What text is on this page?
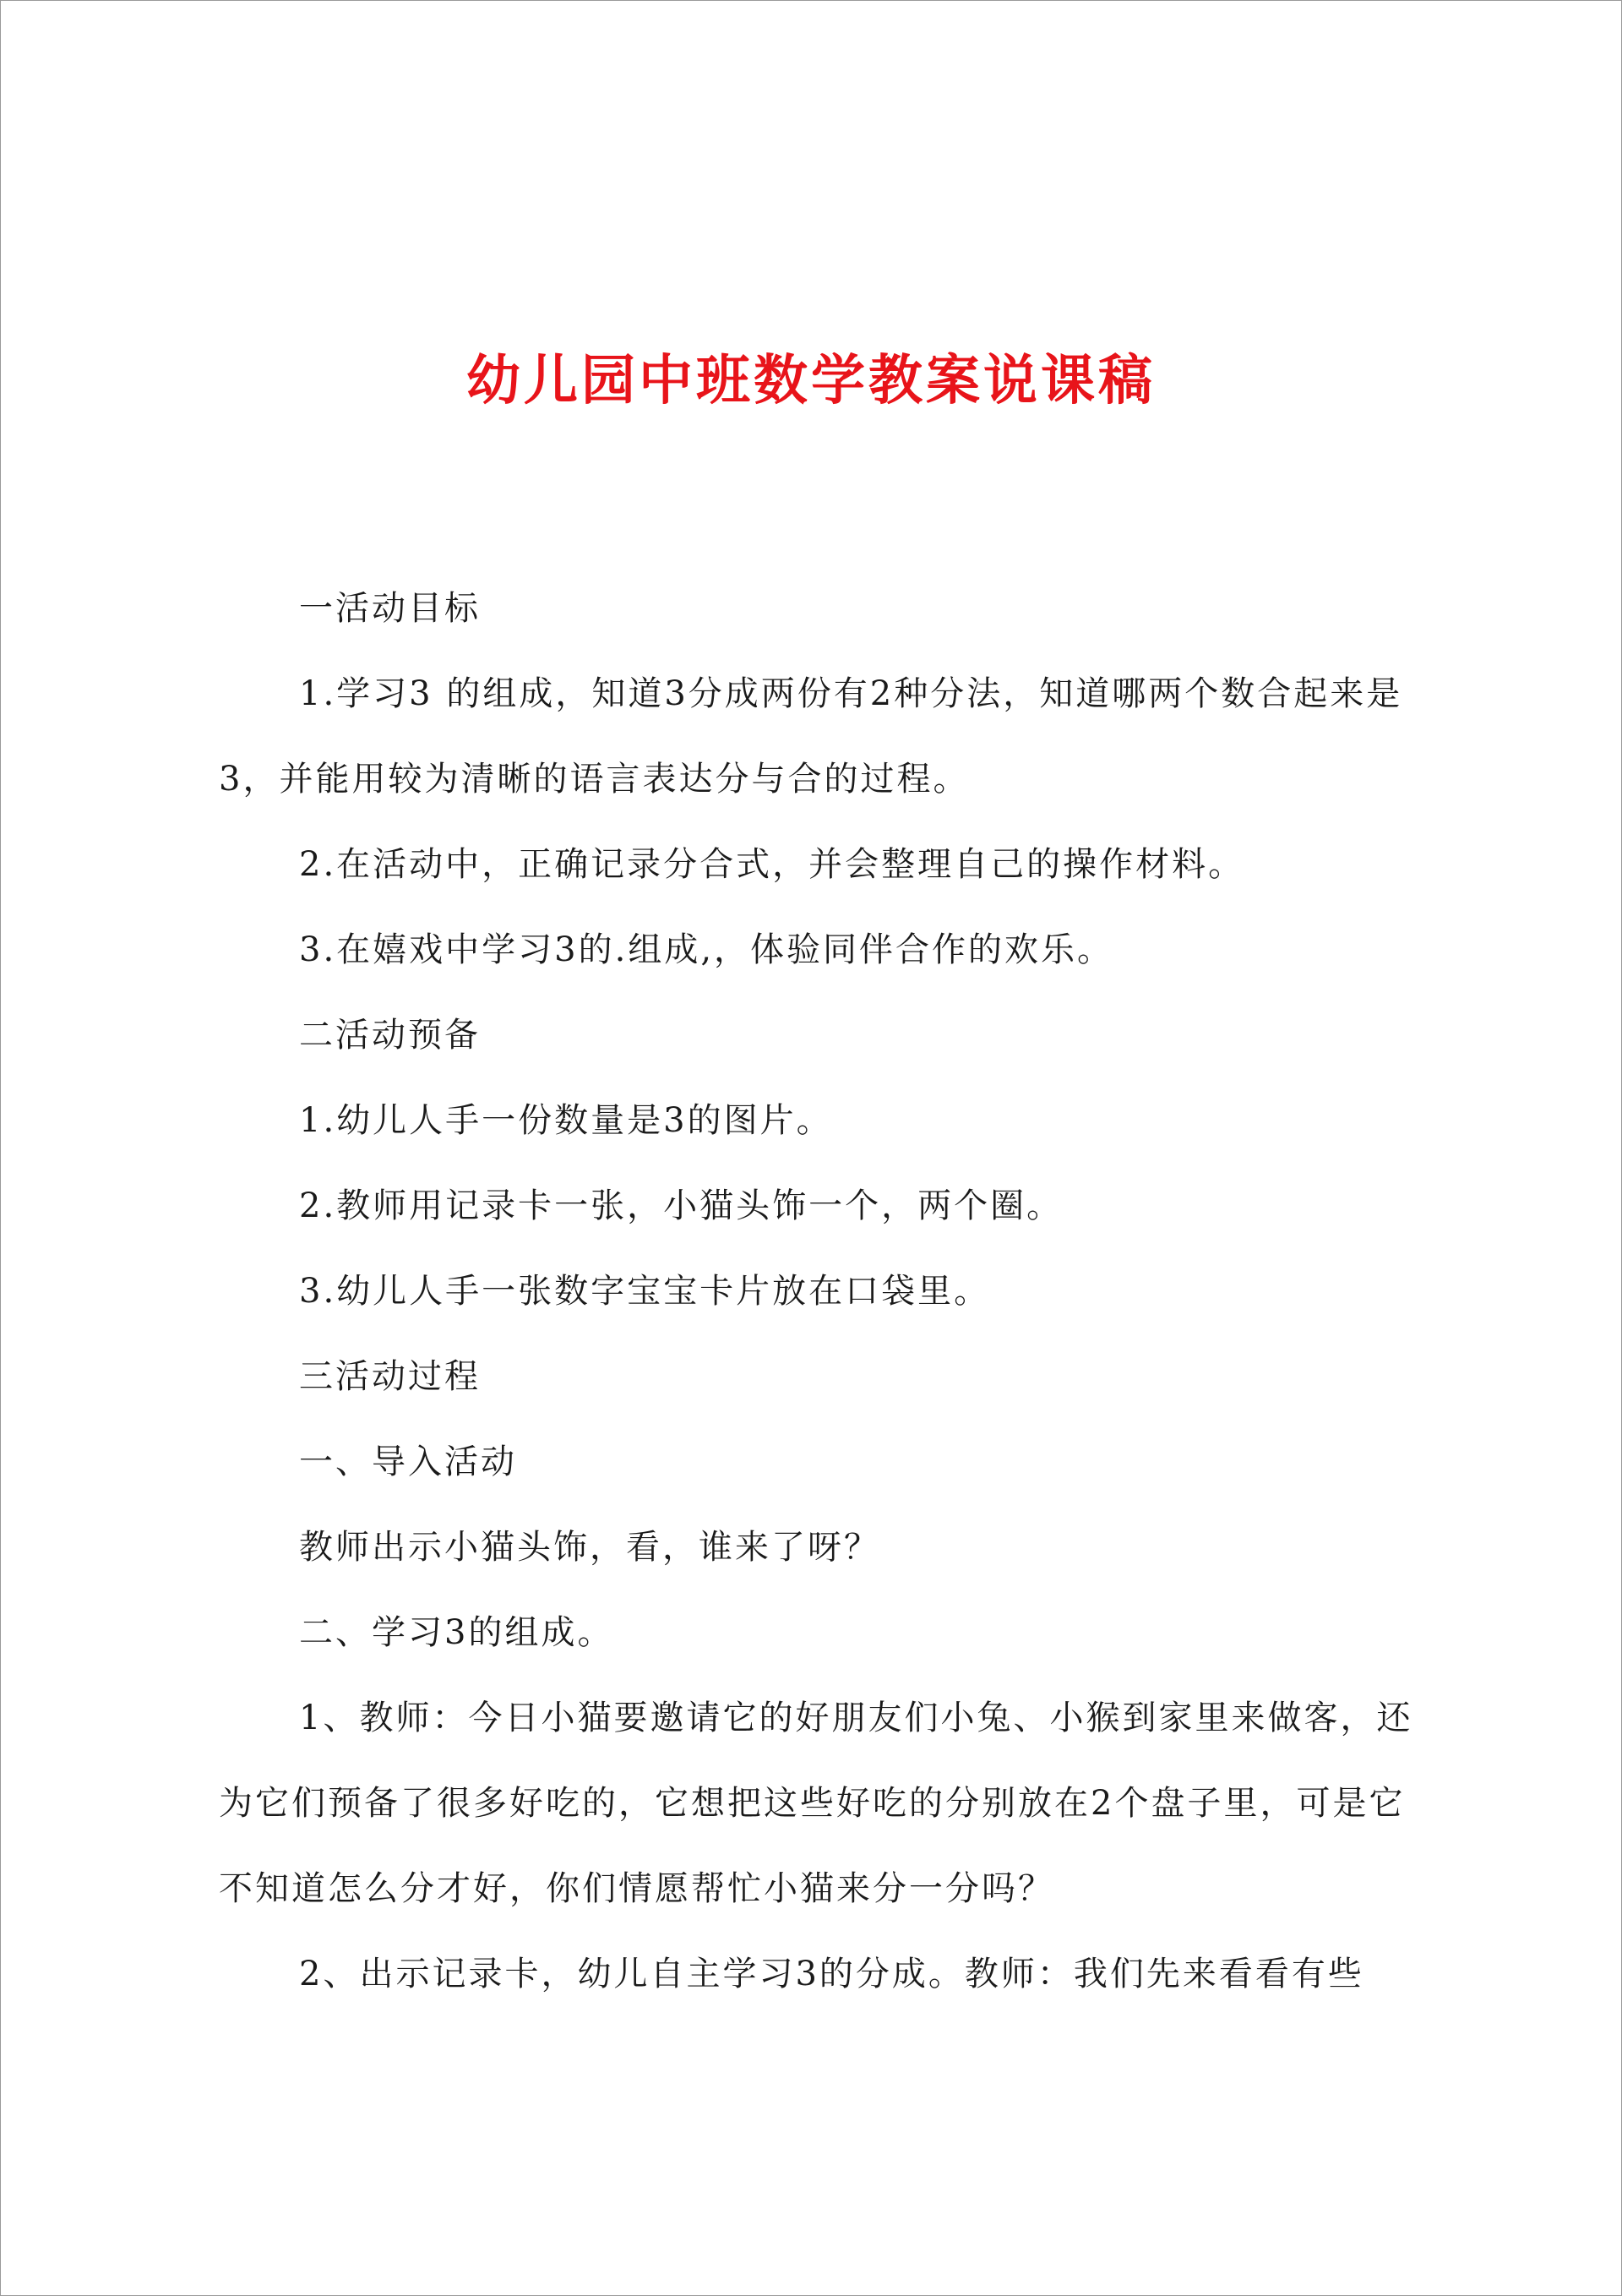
幼儿园中班数学教案说课稿

一活动目标

1.学习3 的组成，知道3分成两份有2种分法，知道哪两个数合起来是3，并能用较为清晰的语言表达分与合的过程。

2.在活动中，正确记录分合式，并会整理自己的操作材料。

3.在嬉戏中学习3的.组成,，体验同伴合作的欢乐。

二活动预备

1.幼儿人手一份数量是3的图片。

2.教师用记录卡一张，小猫头饰一个，两个圈。

3.幼儿人手一张数字宝宝卡片放在口袋里。

三活动过程

一、导入活动

教师出示小猫头饰，看，谁来了呀？

二、学习3的组成。

1、教师：今日小猫要邀请它的好朋友们小兔、小猴到家里来做客，还为它们预备了很多好吃的，它想把这些好吃的分别放在2个盘子里，可是它不知道怎么分才好，你们情愿帮忙小猫来分一分吗？

2、出示记录卡，幼儿自主学习3的分成。教师：我们先来看看有些
